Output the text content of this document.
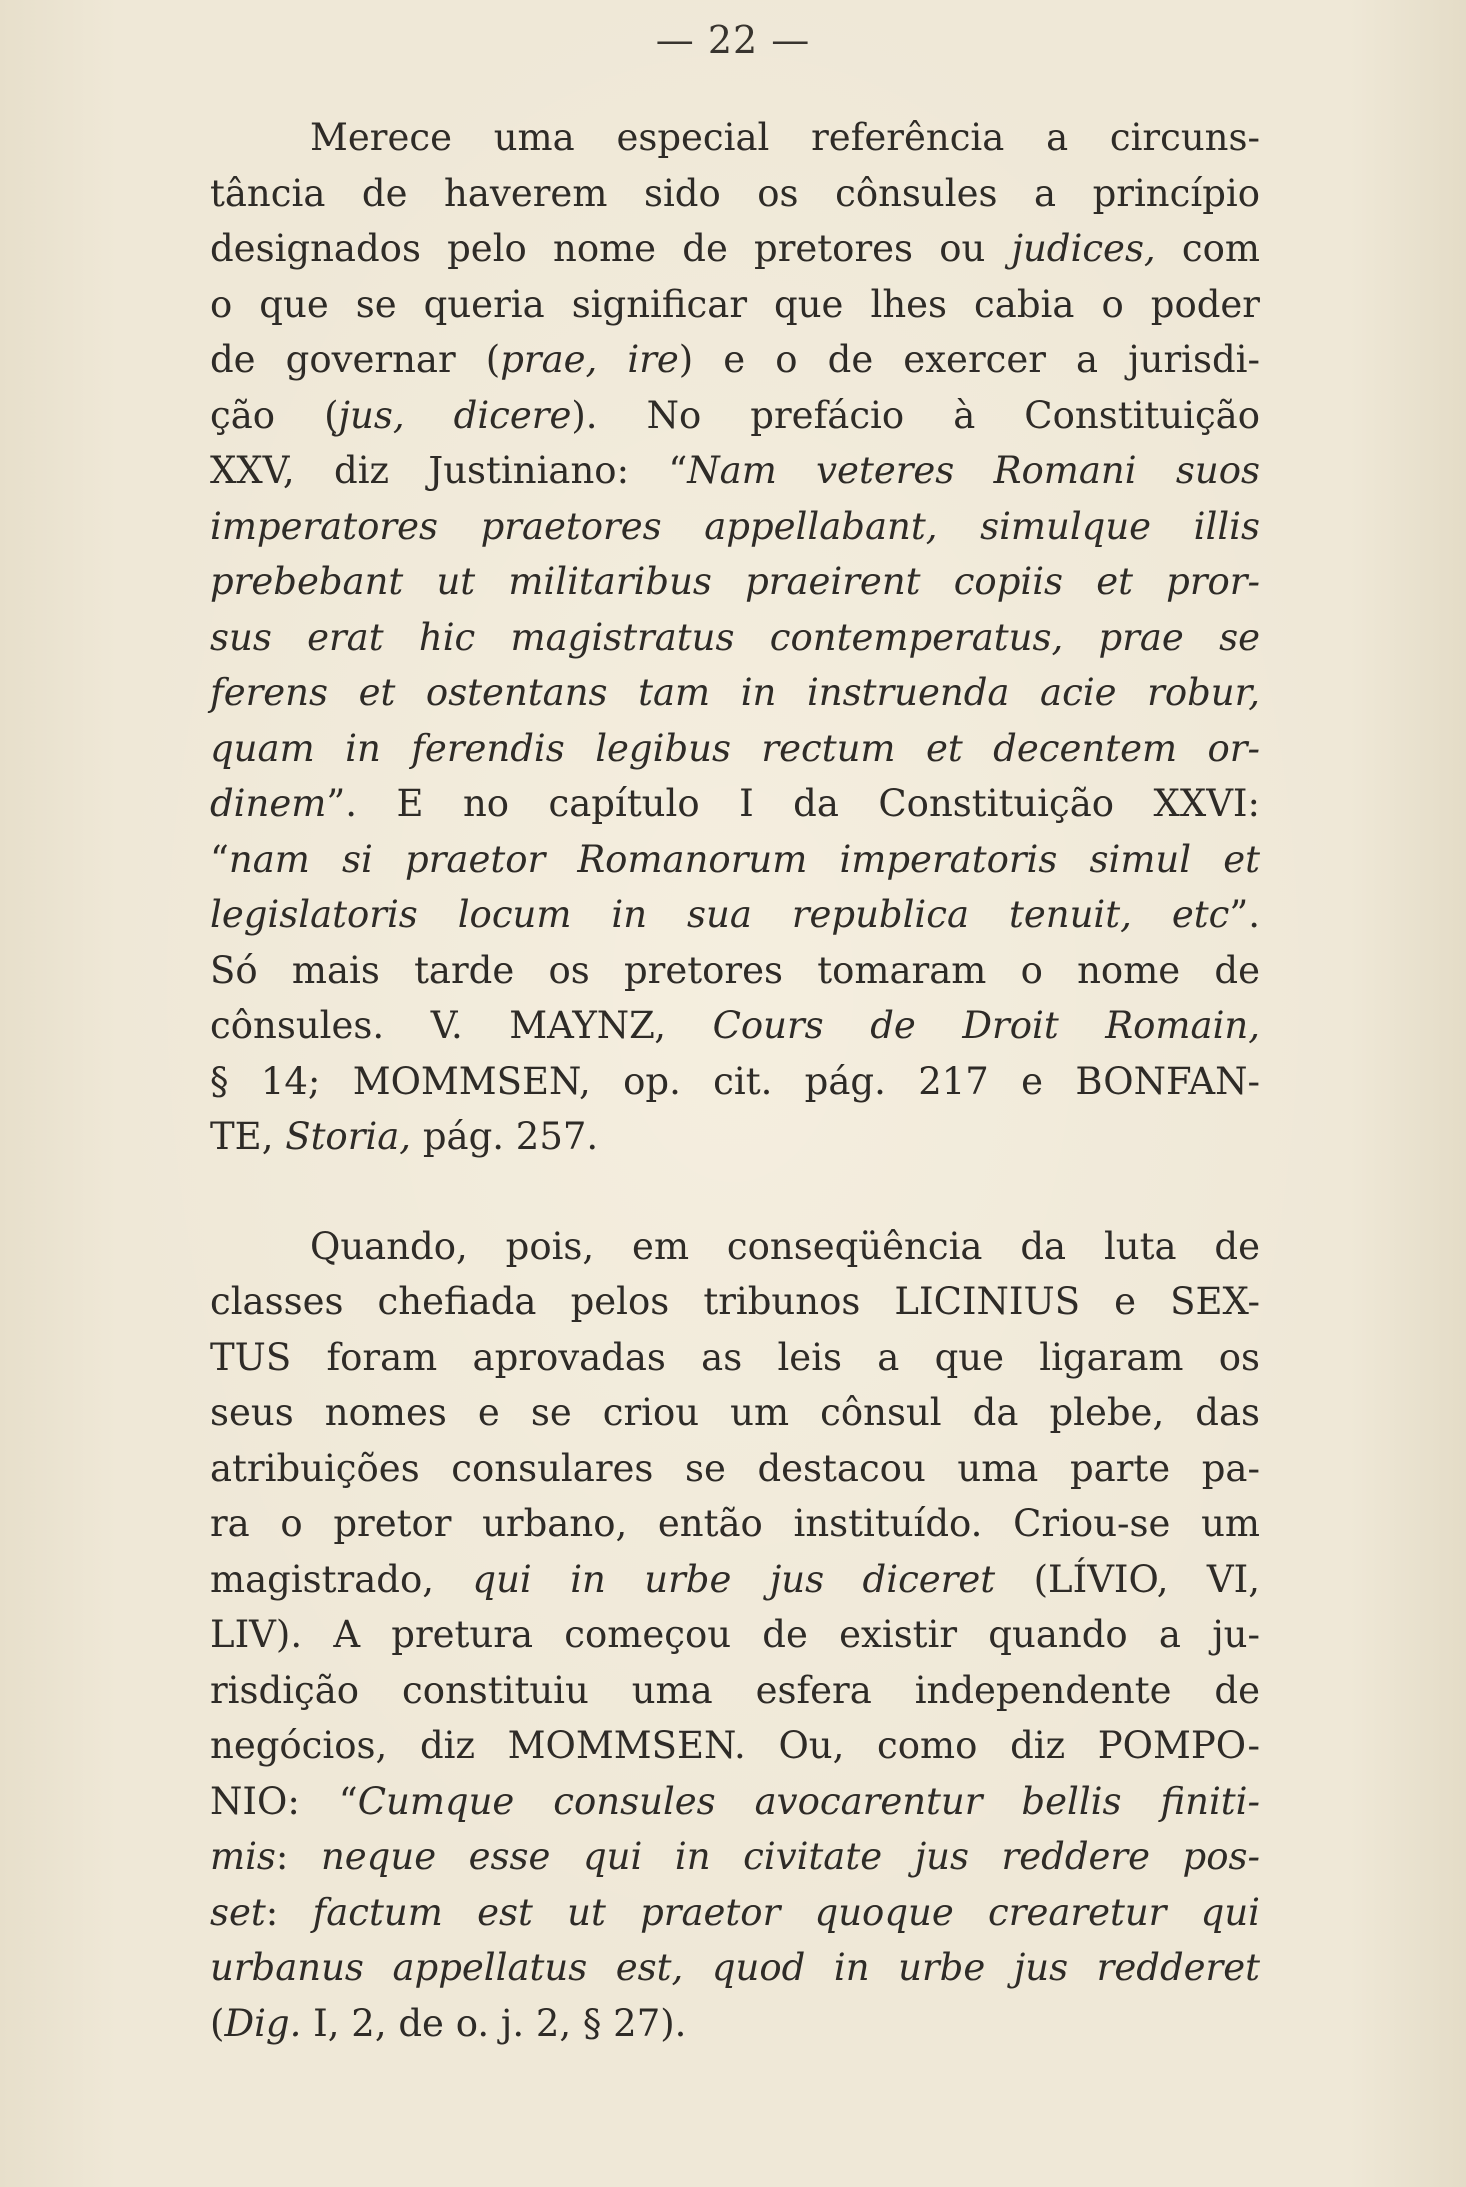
— 22 —
Merece uma especial referência a circuns-
tância de haverem sido os cônsules a princípio
designados pelo nome de pretores ou judices, com
o que se queria significar que lhes cabia o poder
de governar (prae, ire) e o de exercer a jurisdi-
ção (jus, dicere). No prefácio à Constituição
XXV, diz Justiniano: “Nam veteres Romani suos
imperatores praetores appellabant, simulque illis
prebebant ut militaribus praeirent copiis et pror-
sus erat hic magistratus contemperatus, prae se
ferens et ostentans tam in instruenda acie robur,
quam in ferendis legibus rectum et decentem or-
dinem”. E no capítulo I da Constituição XXVI:
“nam si praetor Romanorum imperatoris simul et
legislatoris locum in sua republica tenuit, etc”.
Só mais tarde os pretores tomaram o nome de
cônsules. V. MAYNZ, Cours de Droit Romain,
§ 14; MOMMSEN, op. cit. pág. 217 e BONFAN-
TE, Storia, pág. 257.
Quando, pois, em conseqüência da luta de
classes chefiada pelos tribunos LICINIUS e SEX-
TUS foram aprovadas as leis a que ligaram os
seus nomes e se criou um cônsul da plebe, das
atribuições consulares se destacou uma parte pa-
ra o pretor urbano, então instituído. Criou-se um
magistrado, qui in urbe jus diceret (LÍVIO, VI,
LIV). A pretura começou de existir quando a ju-
risdição constituiu uma esfera independente de
negócios, diz MOMMSEN. Ou, como diz POMPO-
NIO: “Cumque consules avocarentur bellis finiti-
mis: neque esse qui in civitate jus reddere pos-
set: factum est ut praetor quoque crearetur qui
urbanus appellatus est, quod in urbe jus redderet
(Dig. I, 2, de o. j. 2, § 27).
